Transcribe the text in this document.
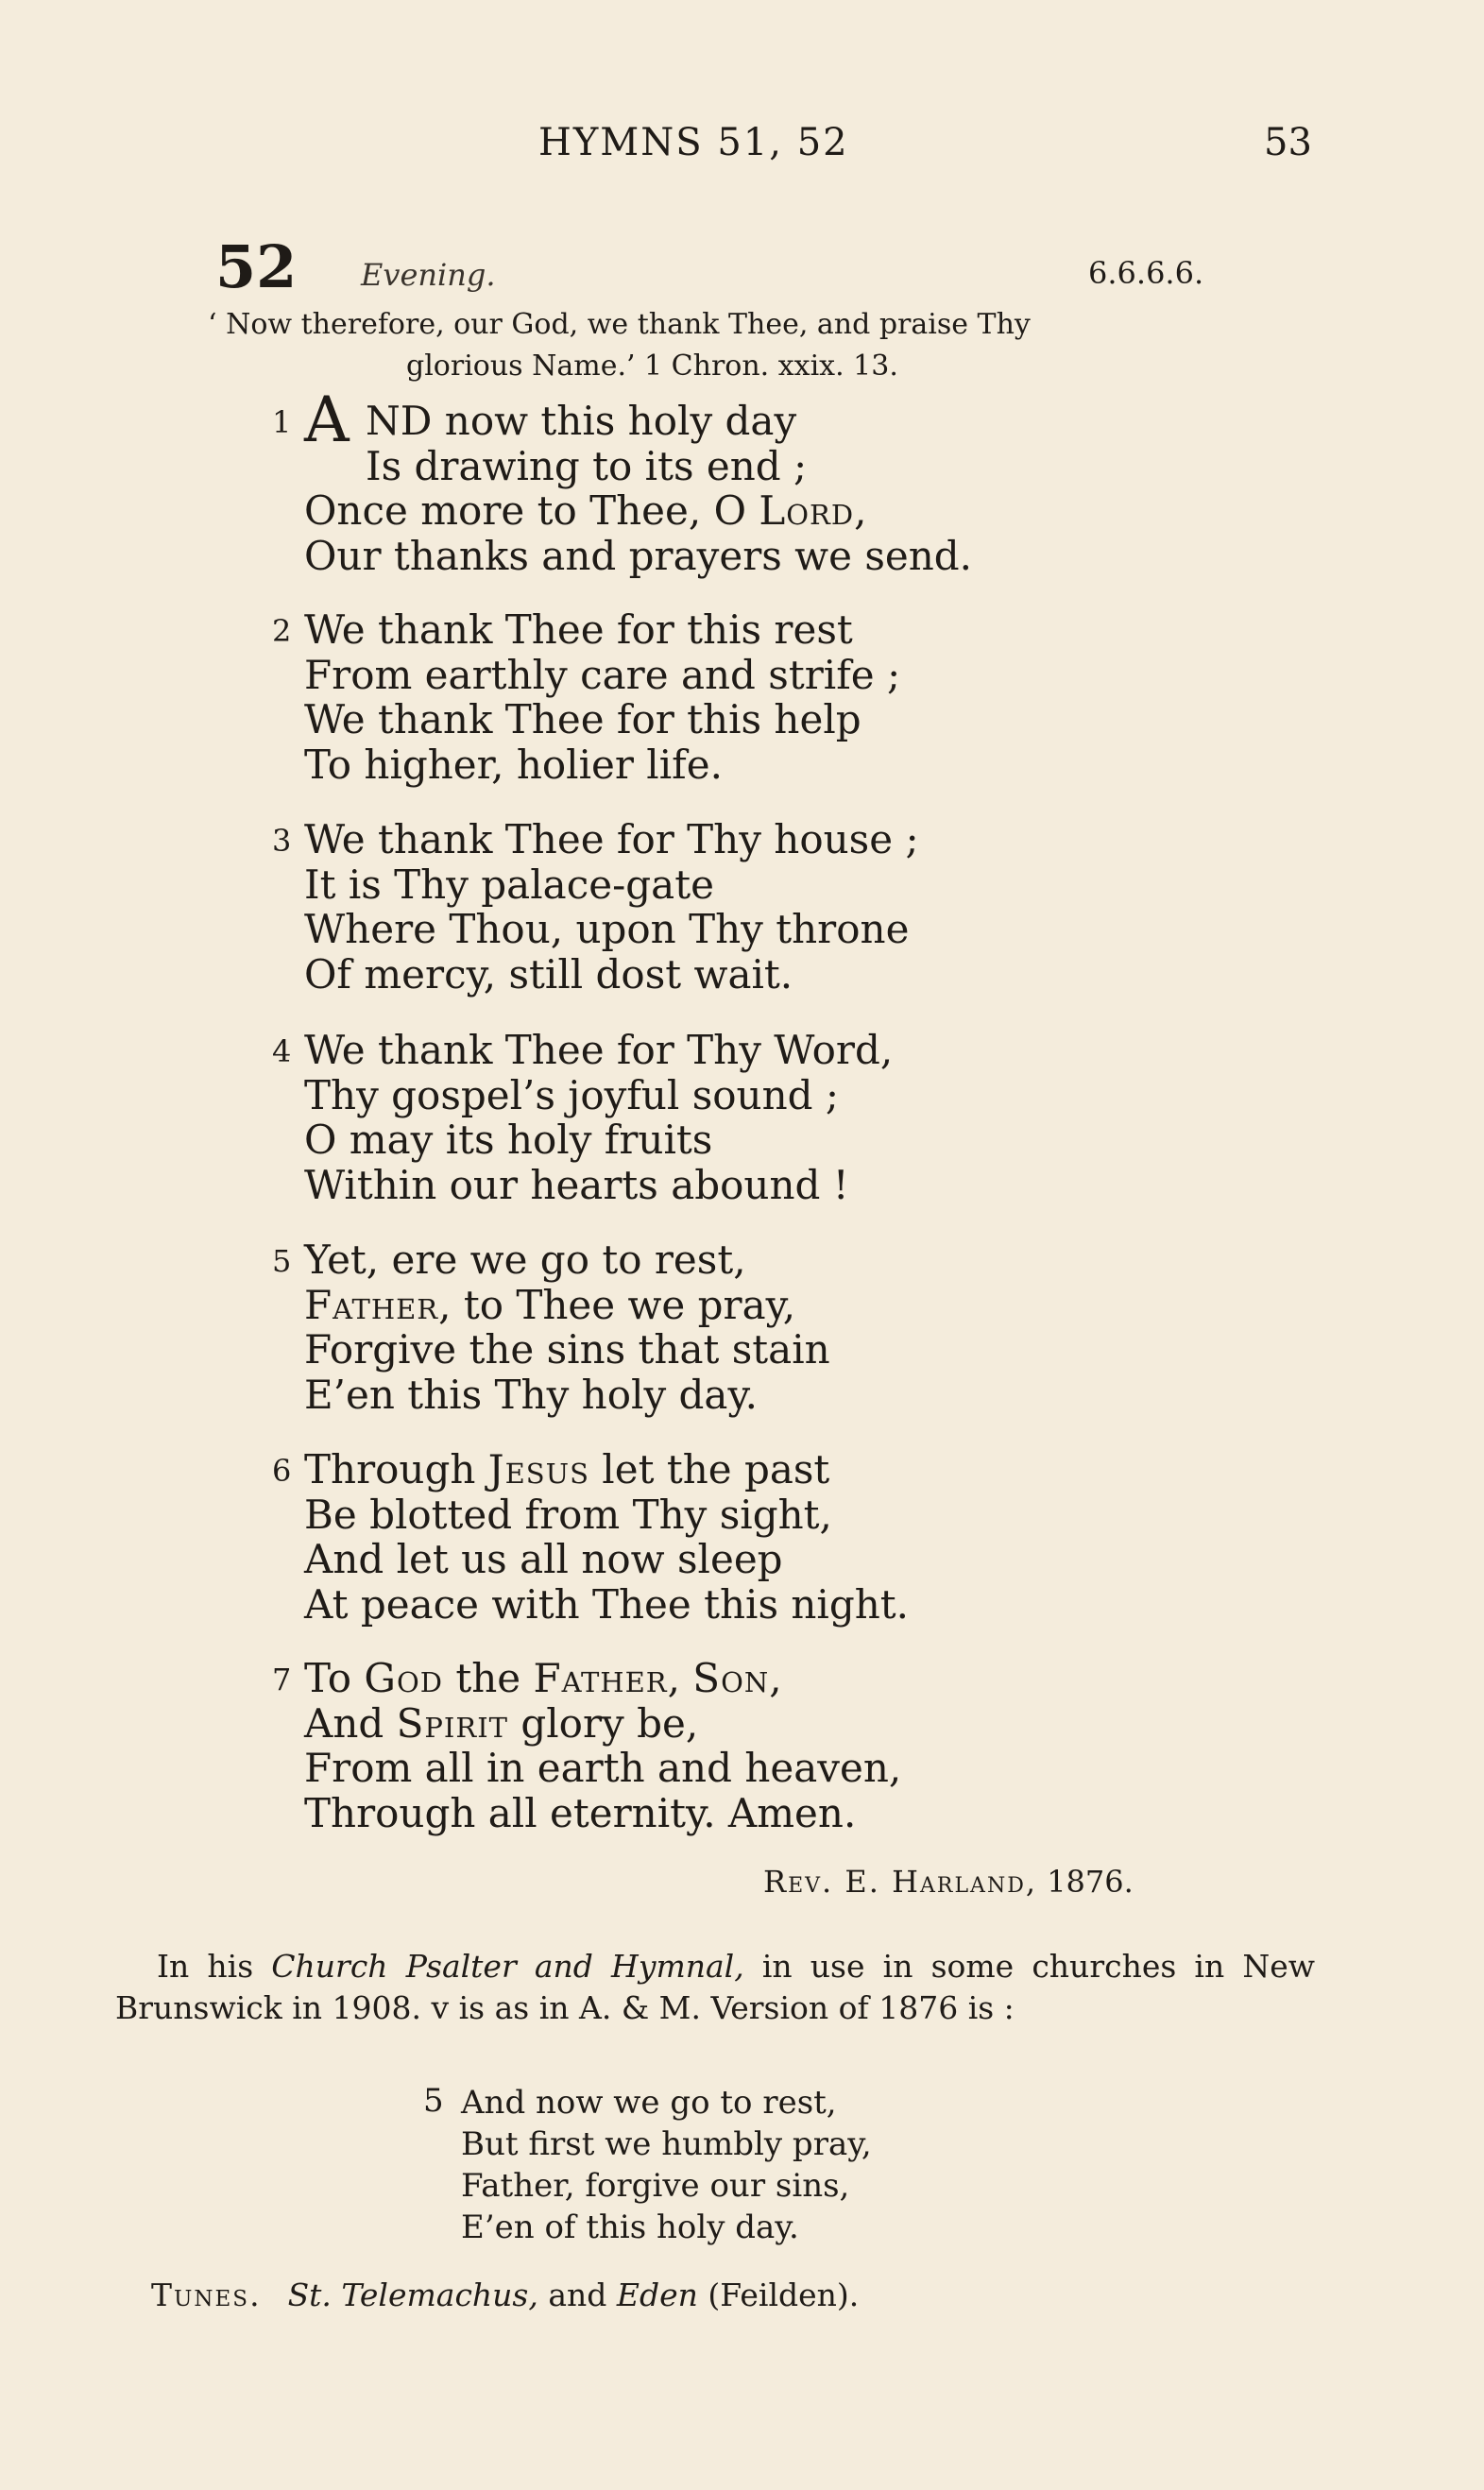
HYMNS 51, 52	53
52 Evening.	6.6.6.6.
‘ Now therefore, our God, we thank Thee, and praise Thy
glorious Name.’ 1 Chron. xxix. 13.
1 A ND now this holy day
Is drawing to its end ;
Once more to Thee, O Lord,
Our thanks and prayers we send.
2 We thank Thee for this rest
From earthly care and strife ;
We thank Thee for this help
To higher, holier life.
3 We thank Thee for Thy house ;
It is Thy palace-gate
Where Thou, upon Thy throne
Of mercy, still dost wait.
4 We thank Thee for Thy Word,
Thy gospel’s joyful sound ;
O may its holy fruits
Within our hearts abound !
5 Yet, ere we go to rest,
Father, to Thee we pray,
Forgive the sins that stain
E’en this Thy holy day.
6 Through Jesus let the past
Be blotted from Thy sight,
And let us all now sleep
At peace with Thee this night.
7 To God the Father, Son,
And Spirit glory be,
From all in earth and heaven,
Through all eternity. Amen.
Rev. E. Harland, 1876.

In his Church Psalter and Hymnal, in use in some churches in New Brunswick in 1908. v is as in A. & M. Version of 1876 is :

5 And now we go to rest,
But first we humbly pray,
Father, forgive our sins,
E’en of this holy day.
Tunes. St. Telemachus, and Eden (Feilden).
